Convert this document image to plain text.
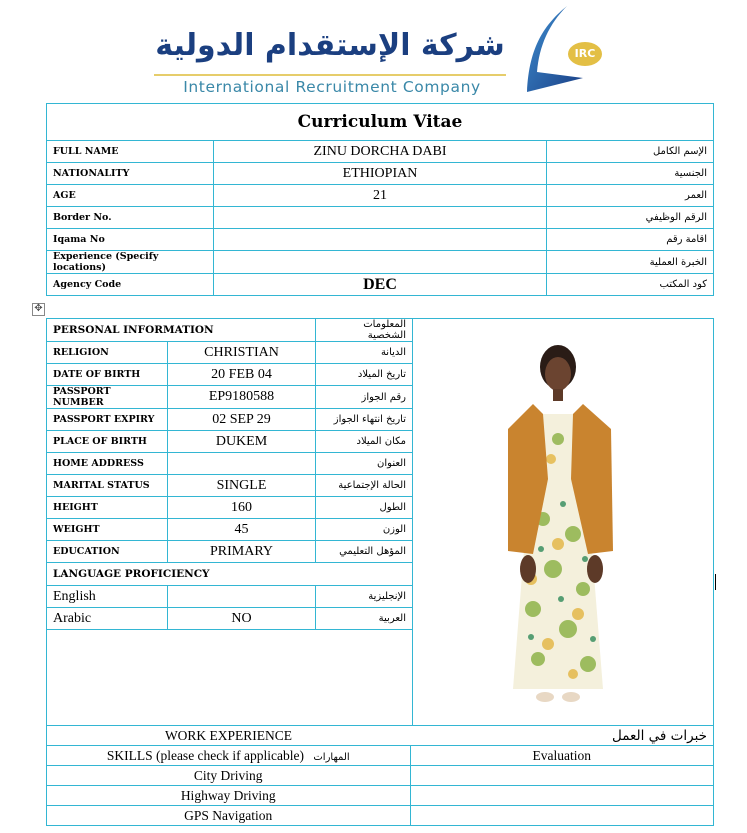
شركة الإستقدام الدولية
International Recruitment Company
IRC
Curriculum Vitae		
FULL NAME	ZINU DORCHA DABI	الإسم الكامل
NATIONALITY	ETHIOPIAN	الجنسية
AGE	21	العمر
Border No.		الرقم الوظيفي
Iqama No		اقامة رقم
Experience (Specify locations)		الخبرة العملية
Agency Code	DEC	كود المكتب
✥
PERSONAL INFORMATION	المعلومات الشخصية
RELIGION	CHRISTIAN	الديانة
DATE OF BIRTH	20 FEB 04	تاريخ الميلاد
PASSPORT NUMBER	EP9180588	رقم الجواز
PASSPORT EXPIRY	02 SEP 29	تاريخ انتهاء الجواز
PLACE OF BIRTH	DUKEM	مكان الميلاد
HOME ADDRESS		العنوان
MARITAL STATUS	SINGLE	الحالة الإجتماعية
HEIGHT	160	الطول
WEIGHT	45	الوزن
EDUCATION	PRIMARY	المؤهل التعليمي
LANGUAGE PROFICIENCY
English		الإنجليزية
Arabic	NO	العربية

WORK EXPERIENCE	خبرات في العمل
SKILLS (please check if applicable) المهارات	Evaluation
City Driving	
Highway Driving	
GPS Navigation	
